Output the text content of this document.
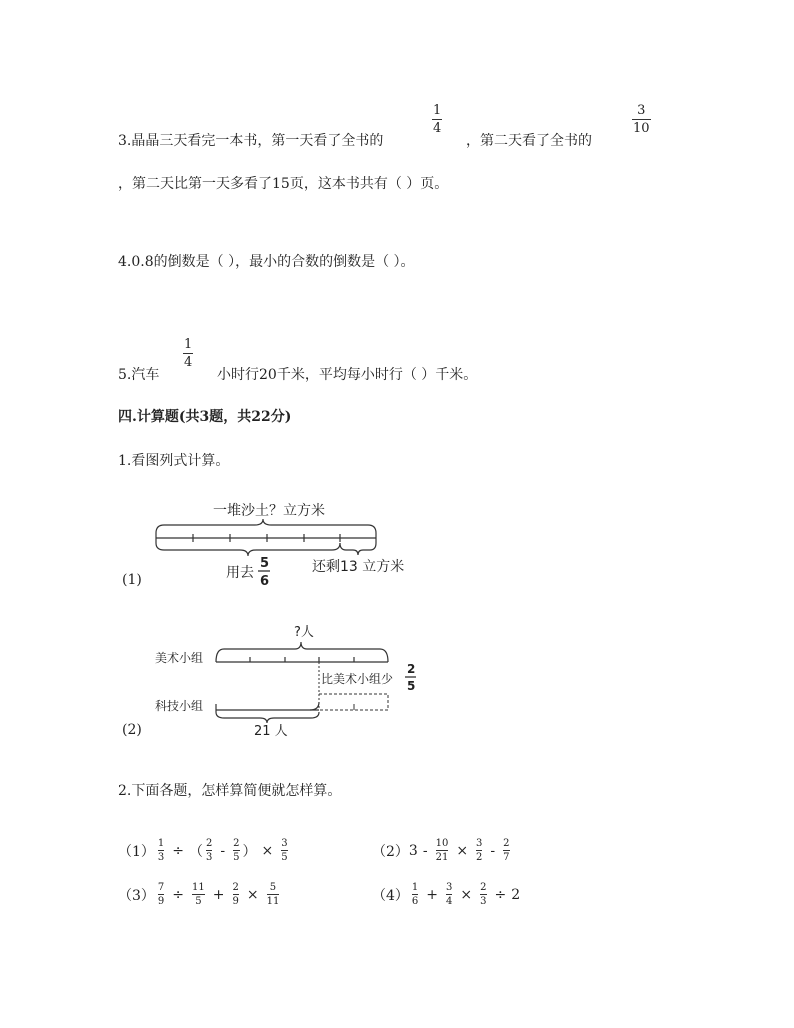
3.晶晶三天看完一本书，第一天看了全书的
1
4
，第二天看了全书的
3
10
，第二天比第一天多看了15页，这本书共有（ ）页。
4.0.8的倒数是（ ），最小的合数的倒数是（ ）。
5.汽车
1
4
小时行20千米，平均每小时行（ ）千米。
四.计算题(共3题，共22分)
1.看图列式计算。
一堆沙土？立方米
用去
5
6
还剩13 立方米
(1)
?人
美术小组
比美术小组少
2
5
科技小组
21 人
(2)
2.下面各题，怎样算简便就怎样算。
（1） 1
3 ÷ （ 2
3 - 2
5 ） × 3
5	（2） 3 - 10
21 × 3
2 - 2
7
（3） 7
9 ÷ 11
5 + 2
9 × 5
11	（4） 1
6 + 3
4 × 2
3 ÷ 2
